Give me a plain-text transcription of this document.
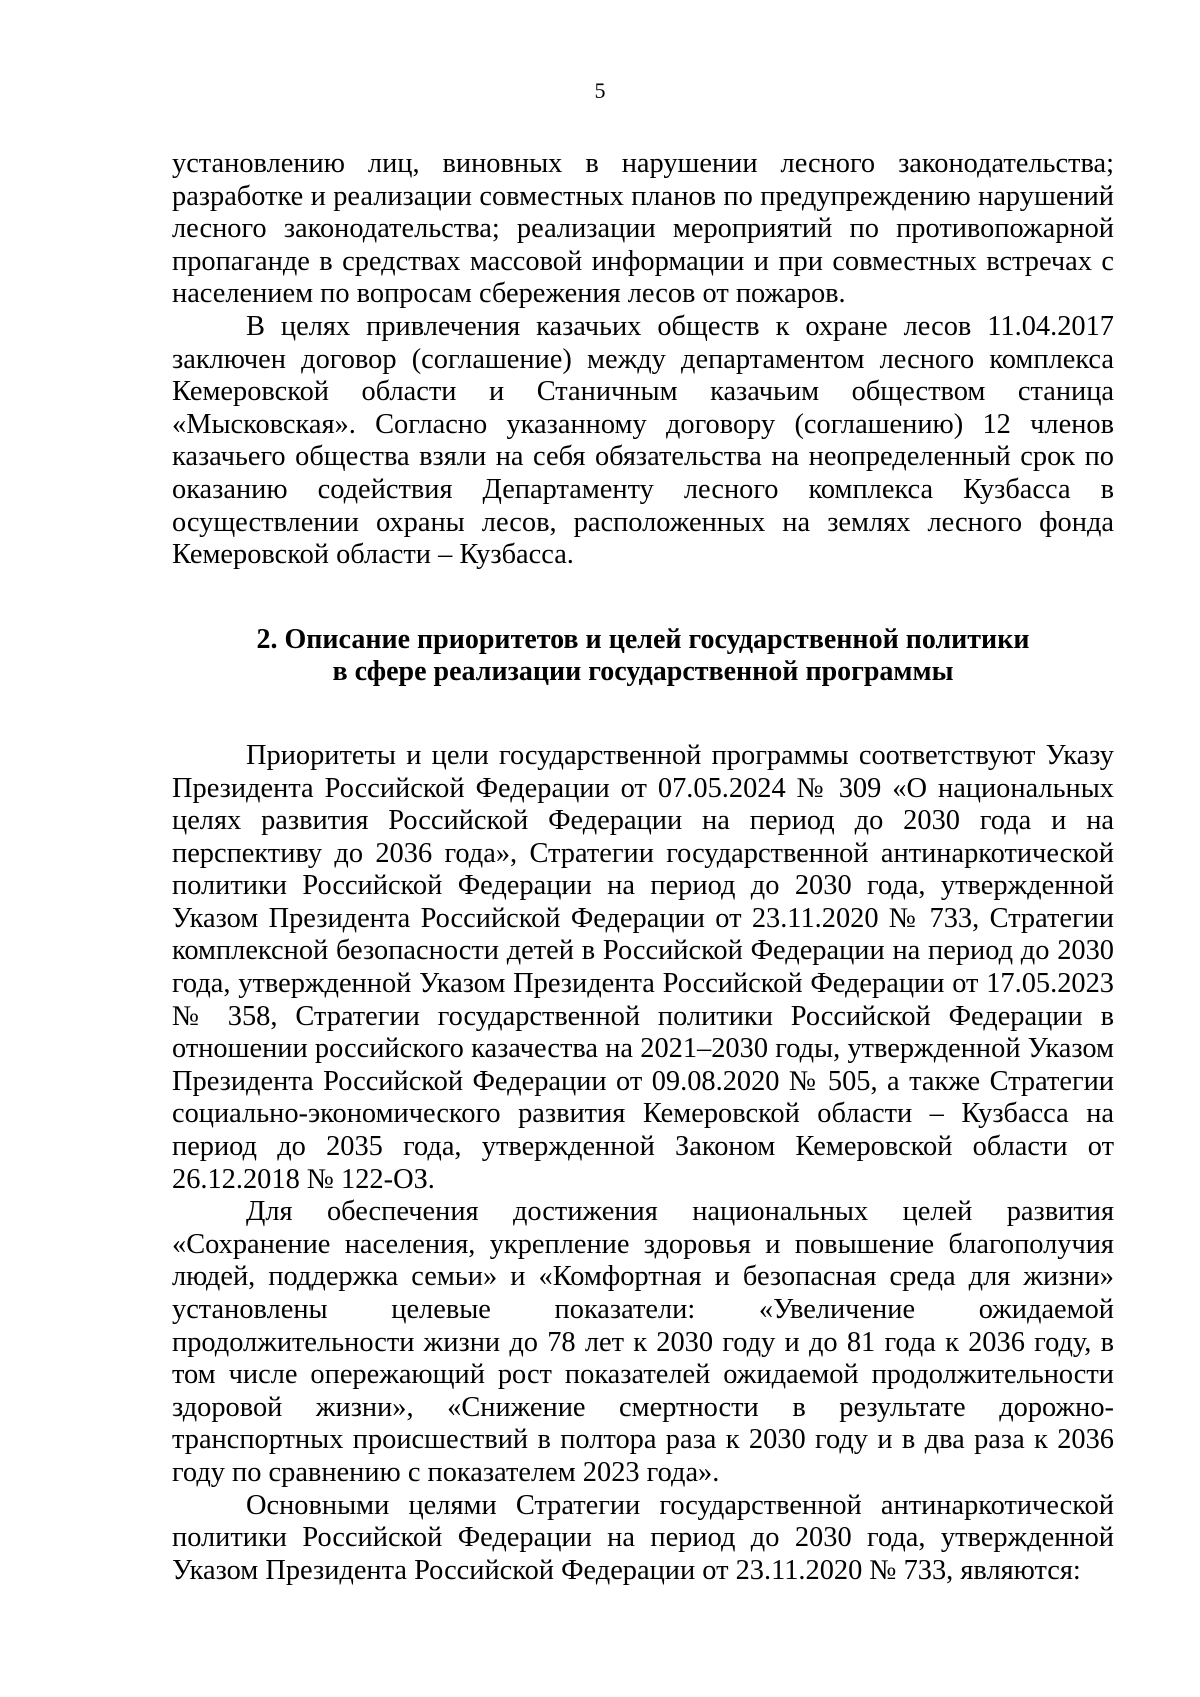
5

установлению лиц, виновных в нарушении лесного законодательства; разработке и реализации совместных планов по предупреждению нарушений лесного законодательства; реализации мероприятий по противопожарной пропаганде в средствах массовой информации и при совместных встречах с населением по вопросам сбережения лесов от пожаров.

В целях привлечения казачьих обществ к охране лесов 11.04.2017 заключен договор (соглашение) между департаментом лесного комплекса Кемеровской области и Станичным казачьим обществом станица «Мысковская». Согласно указанному договору (соглашению) 12 членов казачьего общества взяли на себя обязательства на неопределенный срок по оказанию содействия Департаменту лесного комплекса Кузбасса в осуществлении охраны лесов, расположенных на землях лесного фонда Кемеровской области – Кузбасса.

2. Описание приоритетов и целей государственной политики
в сфере реализации государственной программы

Приоритеты и цели государственной программы соответствуют Указу Президента Российской Федерации от 07.05.2024 № 309 «О национальных целях развития Российской Федерации на период до 2030 года и на перспективу до 2036 года», Стратегии государственной антинаркотической политики Российской Федерации на период до 2030 года, утвержденной Указом Президента Российской Федерации от 23.11.2020 № 733, Стратегии комплексной безопасности детей в Российской Федерации на период до 2030 года, утвержденной Указом Президента Российской Федерации от 17.05.2023 № 358, Стратегии государственной политики Российской Федерации в отношении российского казачества на 2021–2030 годы, утвержденной Указом Президента Российской Федерации от 09.08.2020 № 505, а также Стратегии социально-экономического развития Кемеровской области – Кузбасса на период до 2035 года, утвержденной Законом Кемеровской области от 26.12.2018 № 122-ОЗ.

Для обеспечения достижения национальных целей развития «Сохранение населения, укрепление здоровья и повышение благополучия людей, поддержка семьи» и «Комфортная и безопасная среда для жизни» установлены целевые показатели: «Увеличение ожидаемой продолжительности жизни до 78 лет к 2030 году и до 81 года к 2036 году, в том числе опережающий рост показателей ожидаемой продолжительности здоровой жизни», «Снижение смертности в результате дорожно-транспортных происшествий в полтора раза к 2030 году и в два раза к 2036 году по сравнению с показателем 2023 года».

Основными целями Стратегии государственной антинаркотической политики Российской Федерации на период до 2030 года, утвержденной Указом Президента Российской Федерации от 23.11.2020 № 733, являются:
